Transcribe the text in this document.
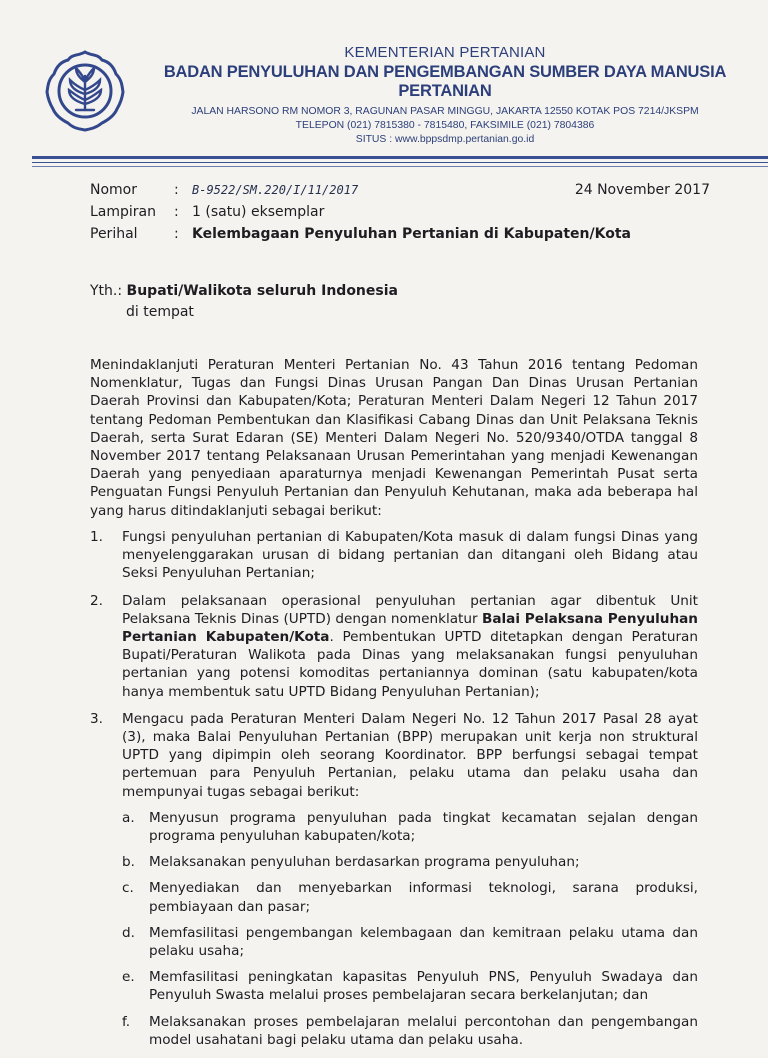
KEMENTERIAN PERTANIAN

BADAN PENYULUHAN DAN PENGEMBANGAN SUMBER DAYA MANUSIA PERTANIAN

JALAN HARSONO RM NOMOR 3, RAGUNAN PASAR MINGGU, JAKARTA 12550 KOTAK POS 7214/JKSPM

TELEPON (021) 7815380 - 7815480, FAKSIMILE (021) 7804386

SITUS : www.bppsdmp.pertanian.go.id

Nomor	:	B-9522/SM.220/I/11/2017	24 November 2017
Lampiran	: 1 (satu) eksemplar
Perihal	: Kelembagaan Penyuluhan Pertanian di Kabupaten/Kota
Yth.: Bupati/Walikota seluruh Indonesia
di tempat

Menindaklanjuti Peraturan Menteri Pertanian No. 43 Tahun 2016 tentang Pedoman Nomenklatur, Tugas dan Fungsi Dinas Urusan Pangan Dan Dinas Urusan Pertanian Daerah Provinsi dan Kabupaten/Kota; Peraturan Menteri Dalam Negeri 12 Tahun 2017 tentang Pedoman Pembentukan dan Klasifikasi Cabang Dinas dan Unit Pelaksana Teknis Daerah, serta Surat Edaran (SE) Menteri Dalam Negeri No. 520/9340/OTDA tanggal 8 November 2017 tentang Pelaksanaan Urusan Pemerintahan yang menjadi Kewenangan Daerah yang penyediaan aparaturnya menjadi Kewenangan Pemerintah Pusat serta Penguatan Fungsi Penyuluh Pertanian dan Penyuluh Kehutanan, maka ada beberapa hal yang harus ditindaklanjuti sebagai berikut:

1.	Fungsi penyuluhan pertanian di Kabupaten/Kota masuk di dalam fungsi Dinas yang menyelenggarakan urusan di bidang pertanian dan ditangani oleh Bidang atau Seksi Penyuluhan Pertanian;
2.	Dalam pelaksanaan operasional penyuluhan pertanian agar dibentuk Unit Pelaksana Teknis Dinas (UPTD) dengan nomenklatur Balai Pelaksana Penyuluhan Pertanian Kabupaten/Kota. Pembentukan UPTD ditetapkan dengan Peraturan Bupati/Peraturan Walikota pada Dinas yang melaksanakan fungsi penyuluhan pertanian yang potensi komoditas pertaniannya dominan (satu kabupaten/kota hanya membentuk satu UPTD Bidang Penyuluhan Pertanian);
3.	Mengacu pada Peraturan Menteri Dalam Negeri No. 12 Tahun 2017 Pasal 28 ayat (3), maka Balai Penyuluhan Pertanian (BPP) merupakan unit kerja non struktural UPTD yang dipimpin oleh seorang Koordinator. BPP berfungsi sebagai tempat pertemuan para Penyuluh Pertanian, pelaku utama dan pelaku usaha dan mempunyai tugas sebagai berikut:
a.	Menyusun programa penyuluhan pada tingkat kecamatan sejalan dengan programa penyuluhan kabupaten/kota;
b.	Melaksanakan penyuluhan berdasarkan programa penyuluhan;
c.	Menyediakan dan menyebarkan informasi teknologi, sarana produksi, pembiayaan dan pasar;
d.	Memfasilitasi pengembangan kelembagaan dan kemitraan pelaku utama dan pelaku usaha;
e.	Memfasilitasi peningkatan kapasitas Penyuluh PNS, Penyuluh Swadaya dan Penyuluh Swasta melalui proses pembelajaran secara berkelanjutan; dan
f.	Melaksanakan proses pembelajaran melalui percontohan dan pengembangan model usahatani bagi pelaku utama dan pelaku usaha.
